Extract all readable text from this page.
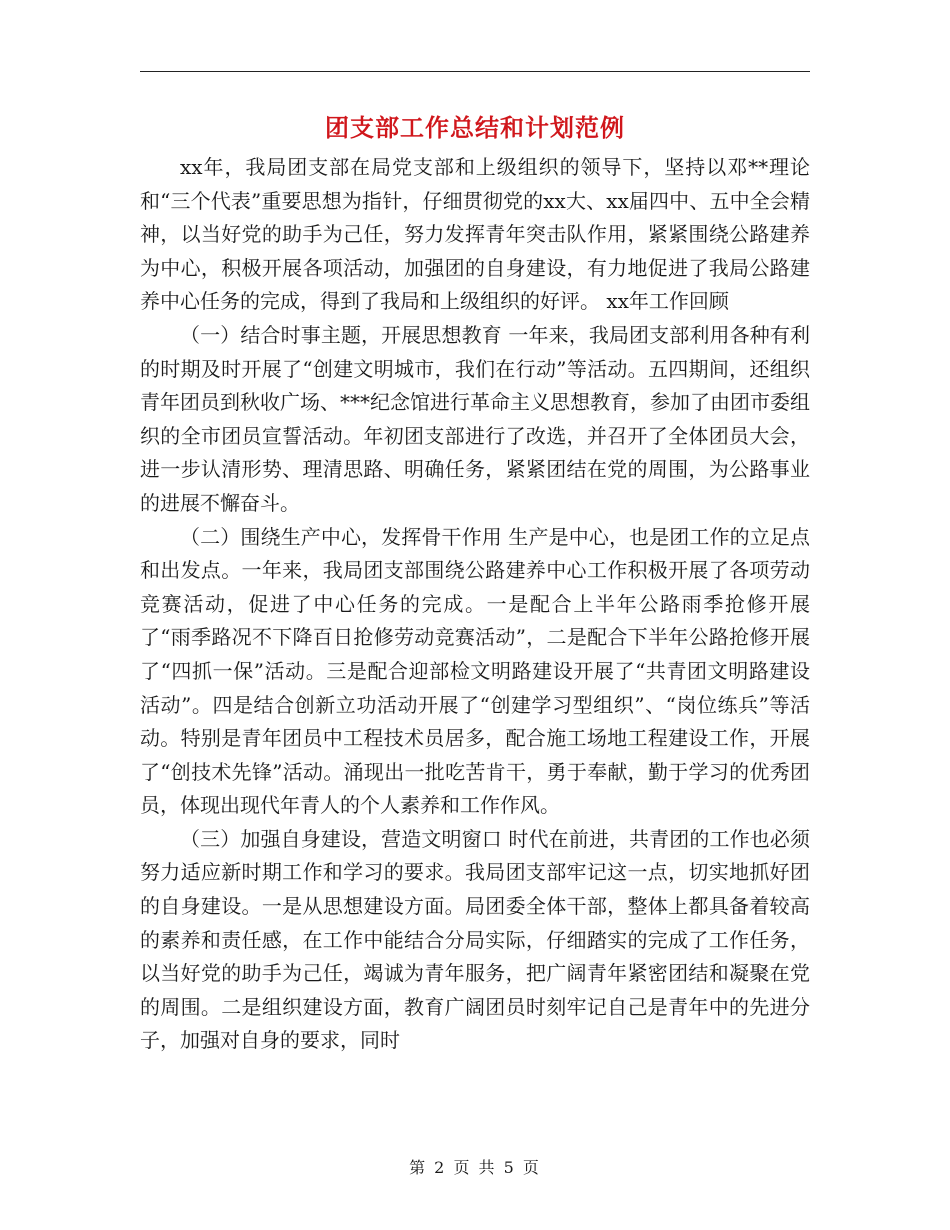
团支部工作总结和计划范例

xx年，我局团支部在局党支部和上级组织的领导下，坚持以邓**理论和“三个代表”重要思想为指针，仔细贯彻党的xx大、xx届四中、五中全会精神，以当好党的助手为己任，努力发挥青年突击队作用，紧紧围绕公路建养为中心，积极开展各项活动，加强团的自身建设，有力地促进了我局公路建养中心任务的完成，得到了我局和上级组织的好评。 xx年工作回顾

（一）结合时事主题，开展思想教育 一年来，我局团支部利用各种有利的时期及时开展了“创建文明城市，我们在行动”等活动。五四期间，还组织青年团员到秋收广场、***纪念馆进行革命主义思想教育，参加了由团市委组织的全市团员宣誓活动。年初团支部进行了改选，并召开了全体团员大会，进一步认清形势、理清思路、明确任务，紧紧团结在党的周围，为公路事业的进展不懈奋斗。

（二）围绕生产中心，发挥骨干作用 生产是中心，也是团工作的立足点和出发点。一年来，我局团支部围绕公路建养中心工作积极开展了各项劳动竞赛活动，促进了中心任务的完成。一是配合上半年公路雨季抢修开展了“雨季路况不下降百日抢修劳动竞赛活动”，二是配合下半年公路抢修开展了“四抓一保”活动。三是配合迎部检文明路建设开展了“共青团文明路建设活动”。四是结合创新立功活动开展了“创建学习型组织”、“岗位练兵”等活动。特别是青年团员中工程技术员居多，配合施工场地工程建设工作，开展了“创技术先锋”活动。涌现出一批吃苦肯干，勇于奉献，勤于学习的优秀团员，体现出现代年青人的个人素养和工作作风。

（三）加强自身建设，营造文明窗口 时代在前进，共青团的工作也必须努力适应新时期工作和学习的要求。我局团支部牢记这一点，切实地抓好团的自身建设。一是从思想建设方面。局团委全体干部，整体上都具备着较高的素养和责任感，在工作中能结合分局实际，仔细踏实的完成了工作任务，以当好党的助手为己任，竭诚为青年服务，把广阔青年紧密团结和凝聚在党的周围。二是组织建设方面，教育广阔团员时刻牢记自己是青年中的先进分子，加强对自身的要求，同时

第 2 页 共 5 页
